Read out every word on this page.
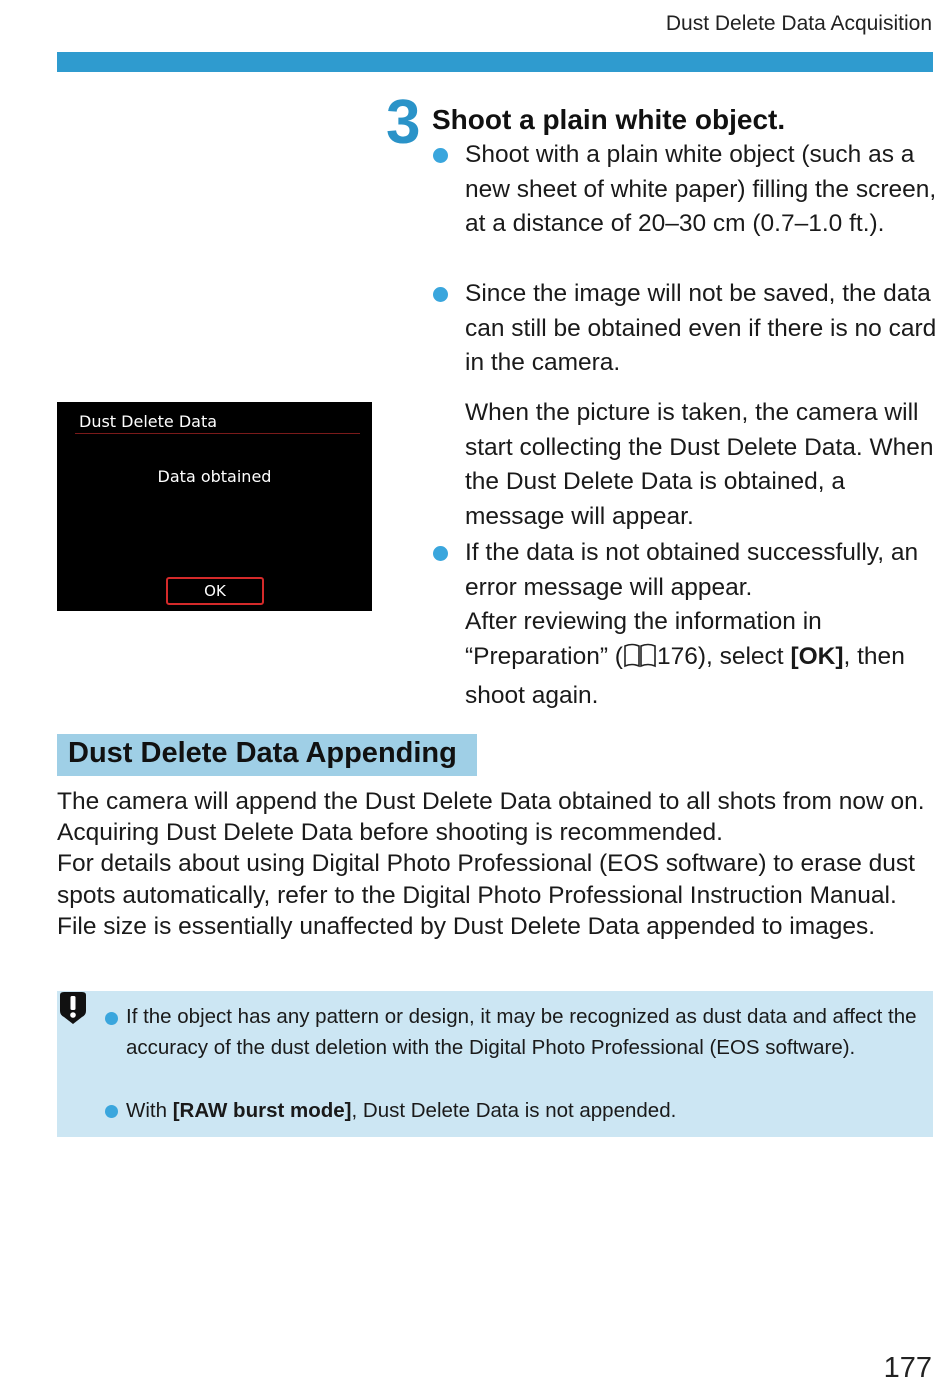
Dust Delete Data Acquisition
3 Shoot a plain white object.
Shoot with a plain white object (such as a new sheet of white paper) filling the screen, at a distance of 20–30 cm (0.7–1.0 ft.).
Since the image will not be saved, the data can still be obtained even if there is no card in the camera.
When the picture is taken, the camera will start collecting the Dust Delete Data. When the Dust Delete Data is obtained, a message will appear.
If the data is not obtained successfully, an error message will appear.
After reviewing the information in “Preparation” ( 176), select [OK], then shoot again.
Dust Delete Data
Data obtained
OK
Dust Delete Data Appending

The camera will append the Dust Delete Data obtained to all shots from now on. Acquiring Dust Delete Data before shooting is recommended.

For details about using Digital Photo Professional (EOS software) to erase dust spots automatically, refer to the Digital Photo Professional Instruction Manual.

File size is essentially unaffected by Dust Delete Data appended to images.

If the object has any pattern or design, it may be recognized as dust data and affect the accuracy of the dust deletion with the Digital Photo Professional (EOS software).
With [RAW burst mode], Dust Delete Data is not appended.
177
